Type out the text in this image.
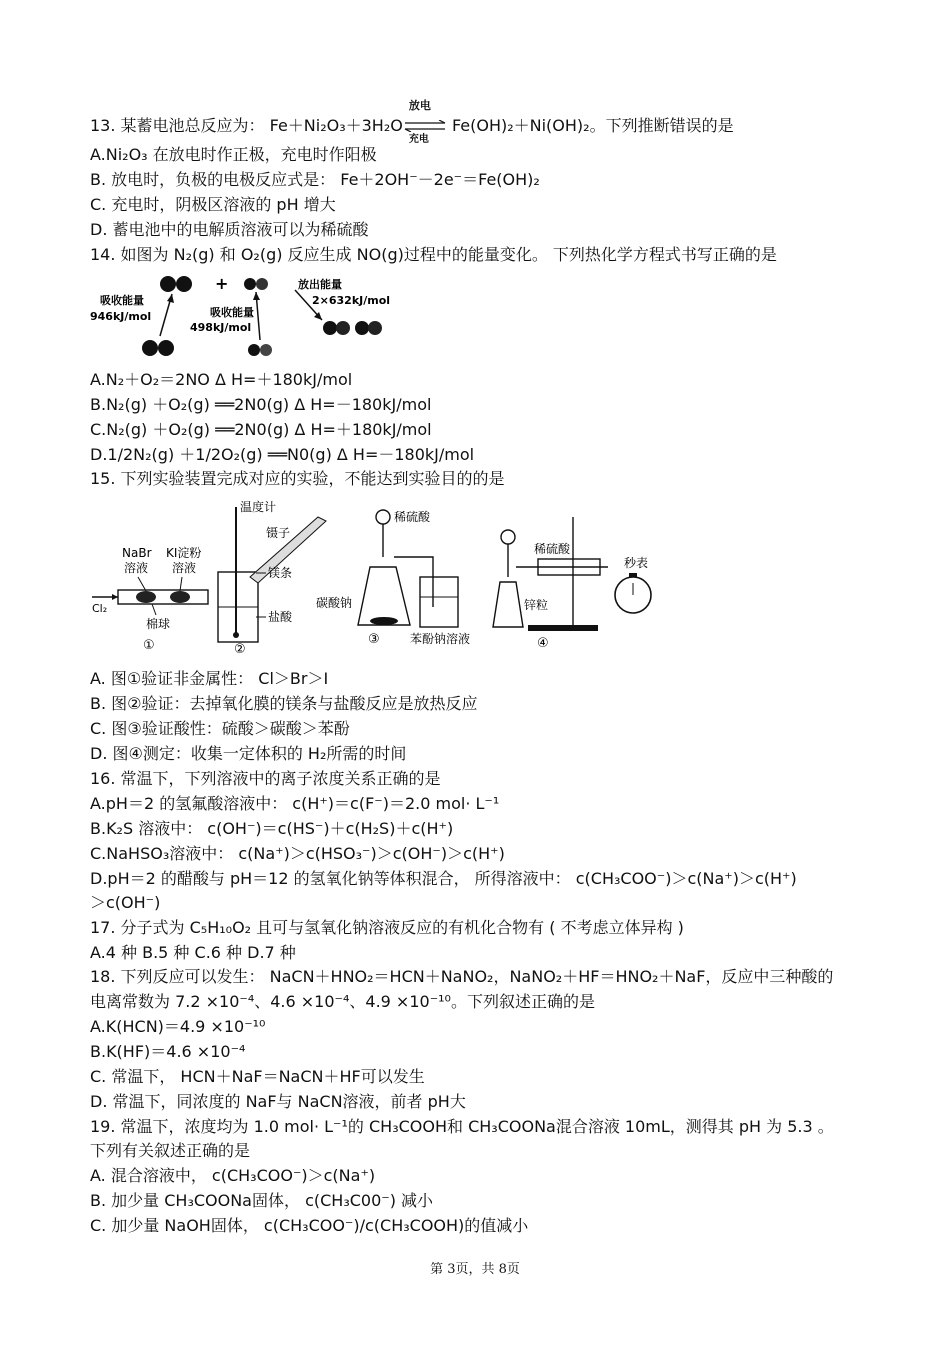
13. 某蓄电池总反应为： Fe＋Ni₂O₃＋3H₂O
放电
充电
Fe(OH)₂＋Ni(OH)₂。下列推断错误的是
A.Ni₂O₃ 在放电时作正极，充电时作阳极
B. 放电时，负极的电极反应式是： Fe＋2OH⁻－2e⁻＝Fe(OH)₂
C. 充电时，阴极区溶液的 pH 增大
D. 蓄电池中的电解质溶液可以为稀硫酸
14. 如图为 N₂(g) 和 O₂(g) 反应生成 NO(g)过程中的能量变化。 下列热化学方程式书写正确的是
+	放出能量
2×632kJ/mol
吸收能量
946kJ/mol	吸收能量
498kJ/mol
A.N₂＋O₂＝2NO Δ H=＋180kJ/mol
B.N₂(g) ＋O₂(g) ══2N0(g) Δ H=－180kJ/mol
C.N₂(g) ＋O₂(g) ══2N0(g) Δ H=＋180kJ/mol
D.1/2N₂(g) ＋1/2O₂(g) ══N0(g) Δ H=－180kJ/mol
15. 下列实验装置完成对应的实验，不能达到实验目的的是
NaBr
溶液
KI淀粉
溶液
Cl₂
棉球
①
温度计
镊子
镁条
盐酸
②
稀硫酸
碳酸钠
苯酚钠溶液
③
稀硫酸
锌粒
秒表
④
A. 图①验证非金属性： Cl＞Br＞I
B. 图②验证：去掉氧化膜的镁条与盐酸反应是放热反应
C. 图③验证酸性：硫酸＞碳酸＞苯酚
D. 图④测定：收集一定体积的 H₂所需的时间
16. 常温下，下列溶液中的离子浓度关系正确的是
A.pH＝2 的氢氟酸溶液中： c(H⁺)＝c(F⁻)＝2.0 mol· L⁻¹
B.K₂S 溶液中： c(OH⁻)＝c(HS⁻)＋c(H₂S)＋c(H⁺)
C.NaHSO₃溶液中： c(Na⁺)＞c(HSO₃⁻)＞c(OH⁻)＞c(H⁺)
D.pH＝2 的醋酸与 pH＝12 的氢氧化钠等体积混合， 所得溶液中： c(CH₃COO⁻)＞c(Na⁺)＞c(H⁺)
＞c(OH⁻)
17. 分子式为 C₅H₁₀O₂ 且可与氢氧化钠溶液反应的有机化合物有 ( 不考虑立体异构 )
A.4 种 B.5 种 C.6 种 D.7 种
18. 下列反应可以发生： NaCN＋HNO₂＝HCN＋NaNO₂，NaNO₂＋HF＝HNO₂＋NaF，反应中三种酸的
电离常数为 7.2 ×10⁻⁴、4.6 ×10⁻⁴、4.9 ×10⁻¹⁰。下列叙述正确的是
A.K(HCN)＝4.9 ×10⁻¹⁰
B.K(HF)＝4.6 ×10⁻⁴
C. 常温下， HCN＋NaF＝NaCN＋HF可以发生
D. 常温下，同浓度的 NaF与 NaCN溶液，前者 pH大
19. 常温下，浓度均为 1.0 mol· L⁻¹的 CH₃COOH和 CH₃COONa混合溶液 10mL，测得其 pH 为 5.3 。
下列有关叙述正确的是
A. 混合溶液中， c(CH₃COO⁻)＞c(Na⁺)
B. 加少量 CH₃COONa固体， c(CH₃C00⁻) 减小
C. 加少量 NaOH固体， c(CH₃COO⁻)/c(CH₃COOH)的值减小
第 3页，共 8页
